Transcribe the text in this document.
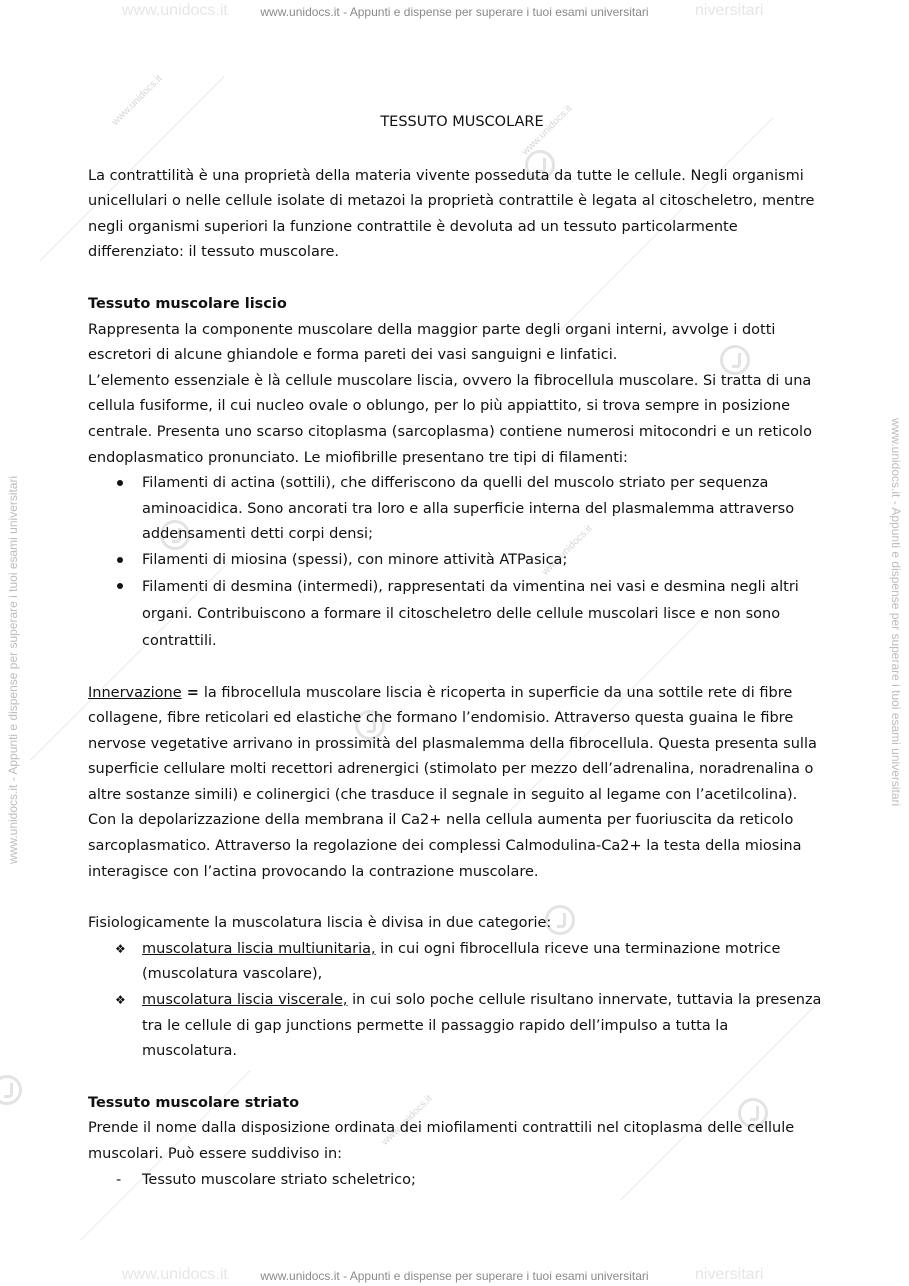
www.unidocs.it	niversitari
www.unidocs.it - Appunti e dispense per superare i tuoi esami universitari
www.unidocs.it	niversitari
www.unidocs.it - Appunti e dispense per superare i tuoi esami universitari
www.unidocs.it - Appunti e dispense per superare i tuoi esami universitari	www.unidocs.it - Appunti e dispense per superare i tuoi esami universitari
www.unidocs.it
www.unidocs.it
www.unidocs.it
www.unidocs.it
TESSUTO MUSCOLARE

La contrattilità è una proprietà della materia vivente posseduta da tutte le cellule. Negli organismi unicellulari o nelle cellule isolate di metazoi la proprietà contrattile è legata al citoscheletro, mentre negli organismi superiori la funzione contrattile è devoluta ad un tessuto particolarmente differenziato: il tessuto muscolare.

Tessuto muscolare liscio

Rappresenta la componente muscolare della maggior parte degli organi interni, avvolge i dotti escretori di alcune ghiandole e forma pareti dei vasi sanguigni e linfatici.

L’elemento essenziale è là cellule muscolare liscia, ovvero la fibrocellula muscolare. Si tratta di una cellula fusiforme, il cui nucleo ovale o oblungo, per lo più appiattito, si trova sempre in posizione centrale. Presenta uno scarso citoplasma (sarcoplasma) contiene numerosi mitocondri e un reticolo endoplasmatico pronunciato. Le miofibrille presentano tre tipi di filamenti:

Filamenti di actina (sottili), che differiscono da quelli del muscolo striato per sequenza aminoacidica. Sono ancorati tra loro e alla superficie interna del plasmalemma attraverso addensamenti detti corpi densi;
Filamenti di miosina (spessi), con minore attività ATPasica;
Filamenti di desmina (intermedi), rappresentati da vimentina nei vasi e desmina negli altri organi. Contribuiscono a formare il citoscheletro delle cellule muscolari lisce e non sono contrattili.

Innervazione = la fibrocellula muscolare liscia è ricoperta in superficie da una sottile rete di fibre collagene, fibre reticolari ed elastiche che formano l’endomisio. Attraverso questa guaina le fibre nervose vegetative arrivano in prossimità del plasmalemma della fibrocellula. Questa presenta sulla superficie cellulare molti recettori adrenergici (stimolato per mezzo dell’adrenalina, noradrenalina o altre sostanze simili) e colinergici (che trasduce il segnale in seguito al legame con l’acetilcolina). Con la depolarizzazione della membrana il Ca2+ nella cellula aumenta per fuoriuscita da reticolo sarcoplasmatico. Attraverso la regolazione dei complessi Calmodulina-Ca2+ la testa della miosina interagisce con l’actina provocando la contrazione muscolare.

Fisiologicamente la muscolatura liscia è divisa in due categorie:

❖ muscolatura liscia multiunitaria, in cui ogni fibrocellula riceve una terminazione motrice (muscolatura vascolare),
❖ muscolatura liscia viscerale, in cui solo poche cellule risultano innervate, tuttavia la presenza tra le cellule di gap junctions permette il passaggio rapido dell’impulso a tutta la muscolatura.

Tessuto muscolare striato

Prende il nome dalla disposizione ordinata dei miofilamenti contrattili nel citoplasma delle cellule muscolari. Può essere suddiviso in:

- Tessuto muscolare striato scheletrico;
